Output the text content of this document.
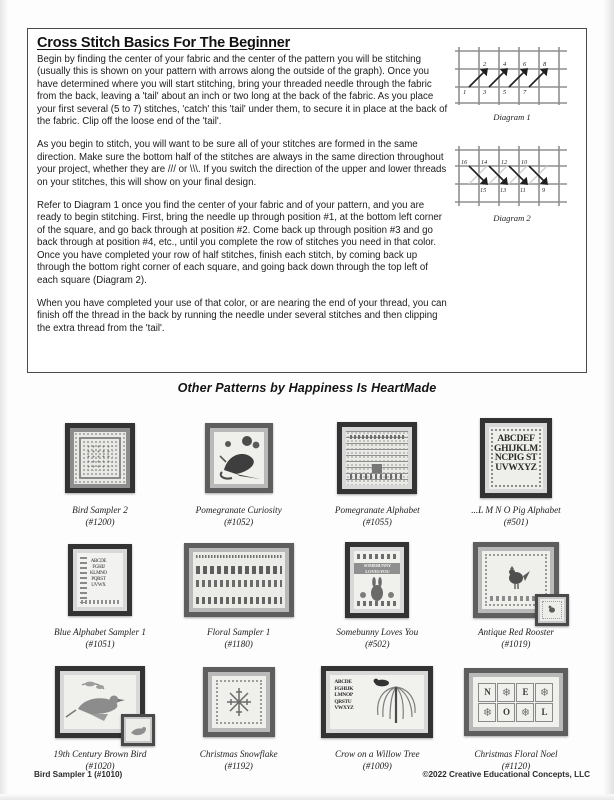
Cross Stitch Basics For The Beginner

Begin by finding the center of your fabric and the center of the pattern you will be stitching (usually this is shown on your pattern with arrows along the outside of the graph). Once you have determined where you will start stitching, bring your threaded needle through the fabric from the back, leaving a 'tail' about an inch or two long at the back of the fabric. As you place your first several (5 to 7) stitches, 'catch' this 'tail' under them, to secure it in place at the back of the fabric. Clip off the loose end of the 'tail'.

As you begin to stitch, you will want to be sure all of your stitches are formed in the same direction. Make sure the bottom half of the stitches are always in the same direction throughout your project, whether they are /// or \\\. If you switch the direction of the upper and lower threads on your stitches, this will show on your final design.

Refer to Diagram 1 once you find the center of your fabric and of your pattern, and you are ready to begin stitching. First, bring the needle up through position #1, at the bottom left corner of the square, and go back through at position #2. Come back up through position #3 and go back through at position #4, etc., until you complete the row of stitches you need in that color. Once you have completed your row of half stitches, finish each stitch, by coming back up through the bottom right corner of each square, and going back down through the top left of each square (Diagram 2).

When you have completed your use of that color, or are nearing the end of your thread, you can finish off the thread in the back by running the needle under several stitches and then clipping the extra thread from the 'tail'.

1
2
3
4
5
6
7
8
Diagram 1
16 14 12 10
15 13 11	9
Diagram 2
Other Patterns by Happiness Is HeartMade
Bird Sampler 2
(#1200)
Pomegranate Curiosity
(#1052)
Pomegranate Alphabet
(#1055)
ABCDEF
GHIJKLM
NCPIG ST
UVWXYZ
...L M N O Pig Alphabet
(#501)
ABCDE
FGHIJ
KLMNO
PQRST
UVWX
Blue Alphabet Sampler 1
(#1051)
Floral Sampler 1
(#1180)
SOMEBUNNY
LOVES YOU
Somebunny Loves You
(#502)
Antique Red Rooster
(#1019)
19th Century Brown Bird
(#1020)
Christmas Snowflake
(#1192)
ABCDE
FGHIJK
LMNOP
QRSTU
VWXYZ
Crow on a Willow Tree
(#1009)
N	❄	E	❄
❄	O ❄	L
Christmas Floral Noel
(#1120)
Bird Sampler 1 (#1010)	©2022 Creative Educational Concepts, LLC
